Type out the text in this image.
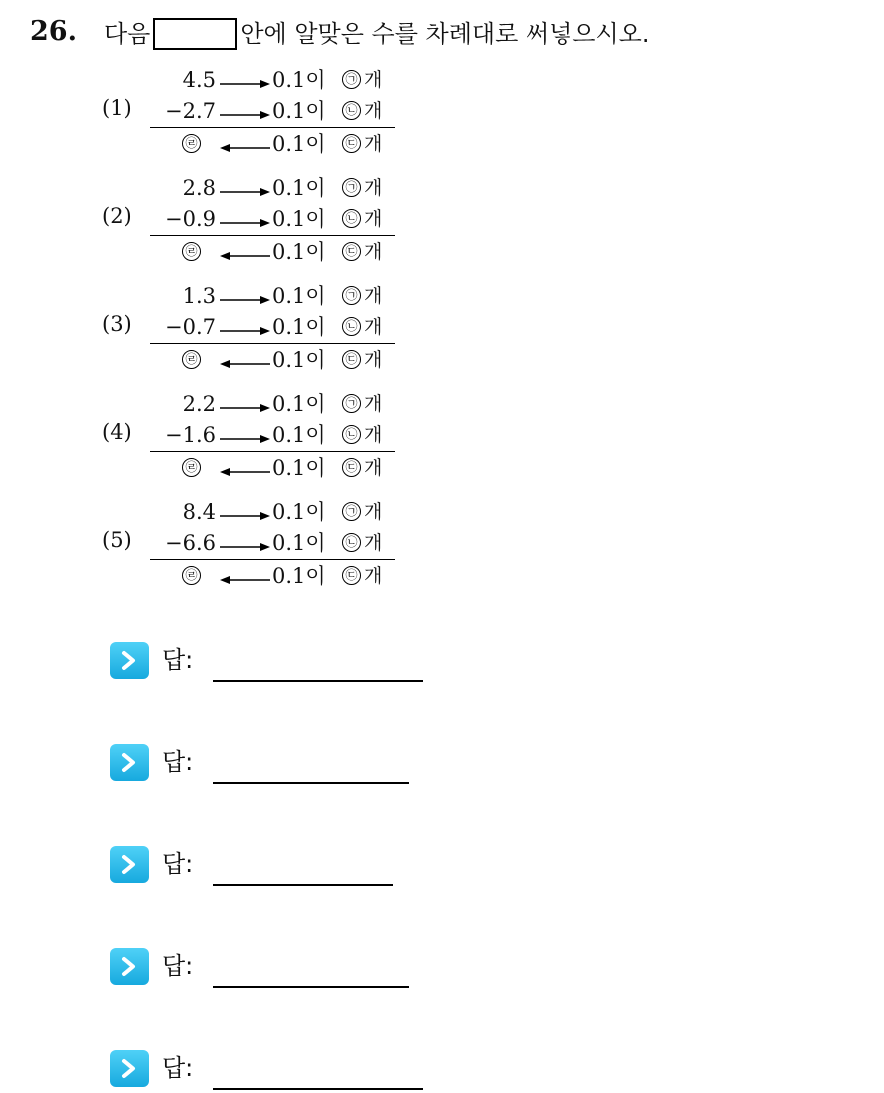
26. 다음	안에 알맞은 수를 차례대로 써넣으시오.
(1)
4.5	0.1이 ㉠ 개
−2.7	0.1이 ㉡ 개
㉣	0.1이 ㉢ 개
(2)
2.8	0.1이 ㉠ 개
−0.9	0.1이 ㉡ 개
㉣	0.1이 ㉢ 개
(3)
1.3	0.1이 ㉠ 개
−0.7	0.1이 ㉡ 개
㉣	0.1이 ㉢ 개
(4)
2.2	0.1이 ㉠ 개
−1.6	0.1이 ㉡ 개
㉣	0.1이 ㉢ 개
(5)
8.4	0.1이 ㉠ 개
−6.6	0.1이 ㉡ 개
㉣	0.1이 ㉢ 개
답:
답:
답:
답:
답:
